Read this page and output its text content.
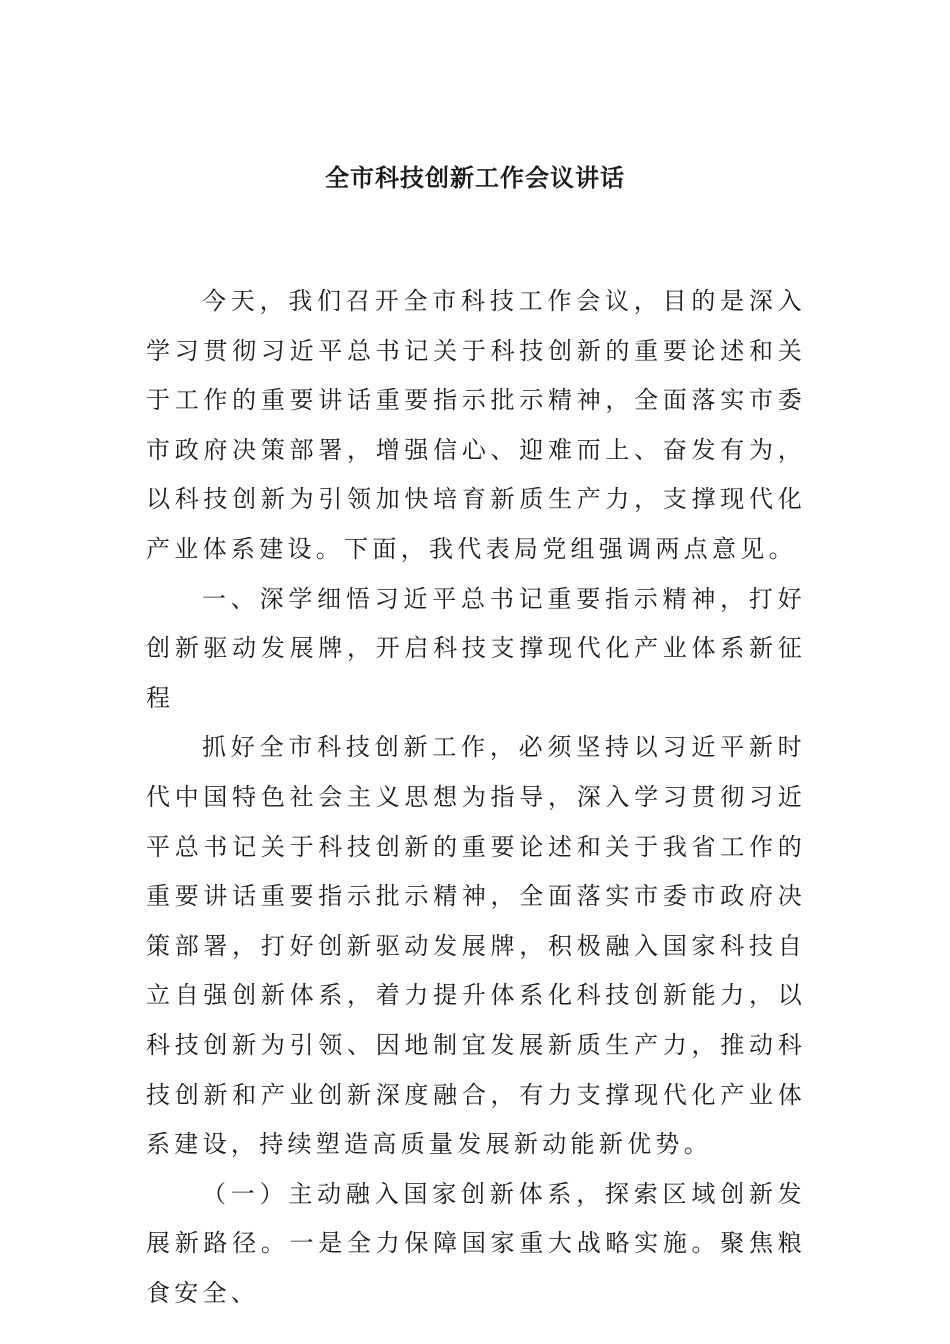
全市科技创新工作会议讲话

今天，我们召开全市科技工作会议，目的是深入学习贯彻习近平总书记关于科技创新的重要论述和关于工作的重要讲话重要指示批示精神，全面落实市委市政府决策部署，增强信心、迎难而上、奋发有为，以科技创新为引领加快培育新质生产力，支撑现代化产业体系建设。下面，我代表局党组强调两点意见。

一、深学细悟习近平总书记重要指示精神，打好创新驱动发展牌，开启科技支撑现代化产业体系新征程

抓好全市科技创新工作，必须坚持以习近平新时代中国特色社会主义思想为指导，深入学习贯彻习近平总书记关于科技创新的重要论述和关于我省工作的重要讲话重要指示批示精神，全面落实市委市政府决策部署，打好创新驱动发展牌，积极融入国家科技自立自强创新体系，着力提升体系化科技创新能力，以科技创新为引领、因地制宜发展新质生产力，推动科技创新和产业创新深度融合，有力支撑现代化产业体系建设，持续塑造高质量发展新动能新优势。

（一）主动融入国家创新体系，探索区域创新发展新路径。一是全力保障国家重大战略实施。聚焦粮食安全、
